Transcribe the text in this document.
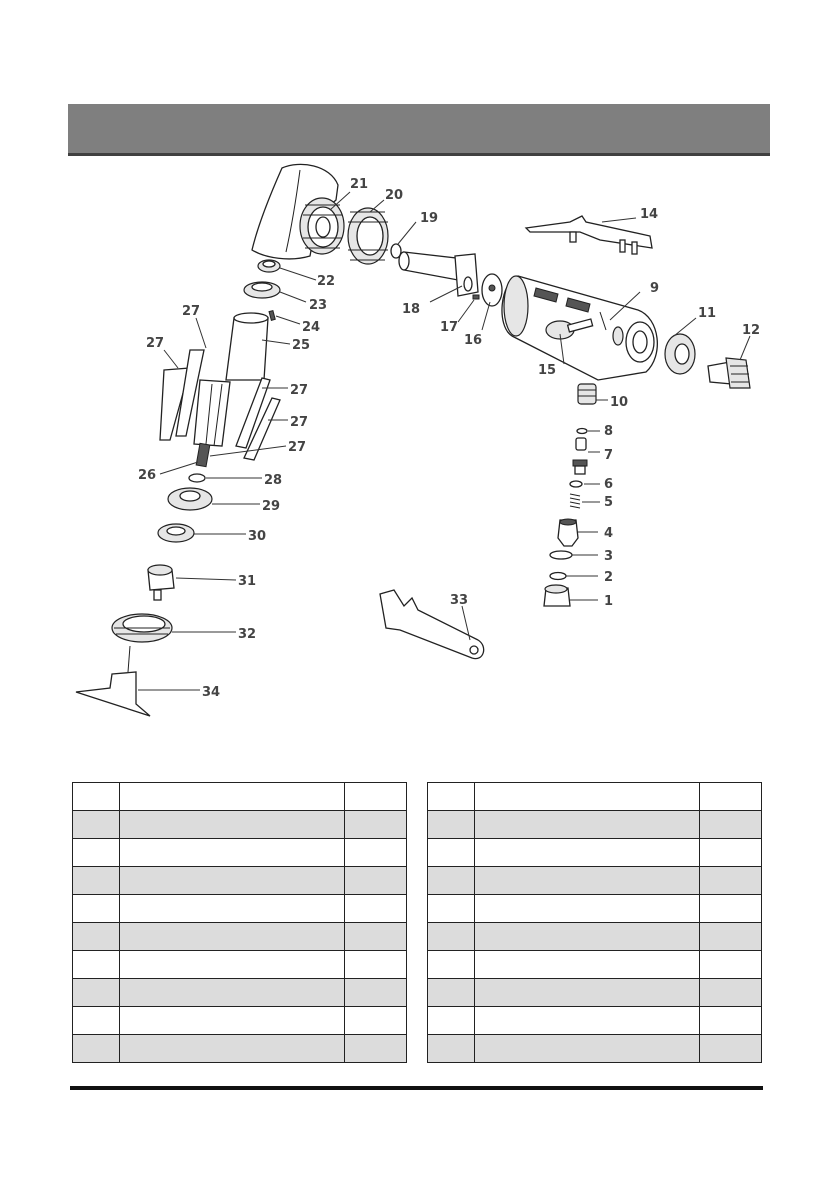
1
2
3
4
5
6
7
8
9
10
11
12
14
15
16
17
18
19
20
21
22
23
24
25
26
27
27
27
27
27
28
29
30
31
32
33
34
